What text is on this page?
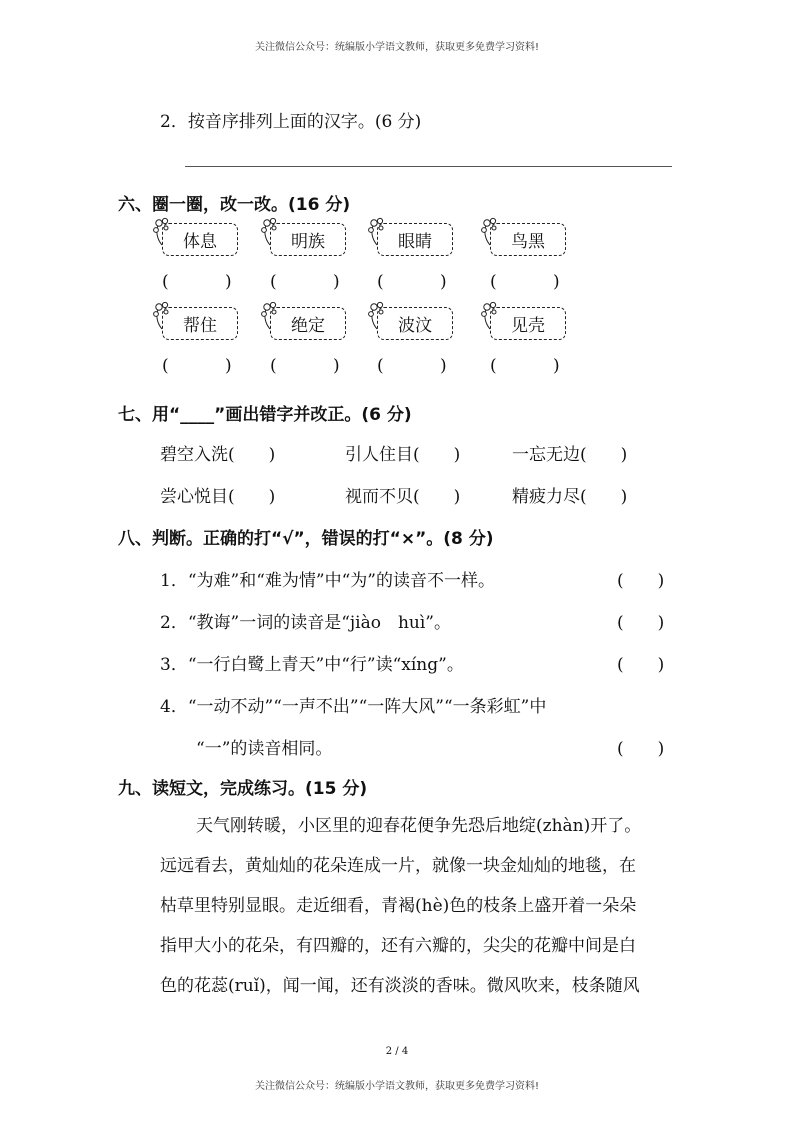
关注微信公众号：统编版小学语文教师，获取更多免费学习资料!
2．按音序排列上面的汉字。(6 分)
六、圈一圈，改一改。(16 分)
体息
(	)
明族
(	)
眼睛
(	)
鸟黑
(	)
帮住
(	)
绝定
(	)
波汶
(	)
见壳
(	)
七、用“____”画出错字并改正。(6 分)
碧空入洗(　　)	引人住目(　　)	一忘无边(　　)
尝心悦目(　　)	视而不贝(　　)	精疲力尽(　　)
八、判断。正确的打“√”，错误的打“×”。(8 分)
1．“为难”和“难为情”中“为”的读音不一样。	(　　)
2．“教诲”一词的读音是“jiào　huì”。	(　　)
3．“一行白鹭上青天”中“行”读“xíng”。	(　　)
4．“一动不动”“一声不出”“一阵大风”“一条彩虹”中
“一”的读音相同。	(　　)
九、读短文，完成练习。(15 分)
天气刚转暖，小区里的迎春花便争先恐后地绽(zhàn)开了。
远远看去，黄灿灿的花朵连成一片，就像一块金灿灿的地毯，在
枯草里特别显眼。走近细看，青褐(hè)色的枝条上盛开着一朵朵
指甲大小的花朵，有四瓣的，还有六瓣的，尖尖的花瓣中间是白
色的花蕊(ruǐ)，闻一闻，还有淡淡的香味。微风吹来，枝条随风
2 / 4
关注微信公众号：统编版小学语文教师，获取更多免费学习资料!
